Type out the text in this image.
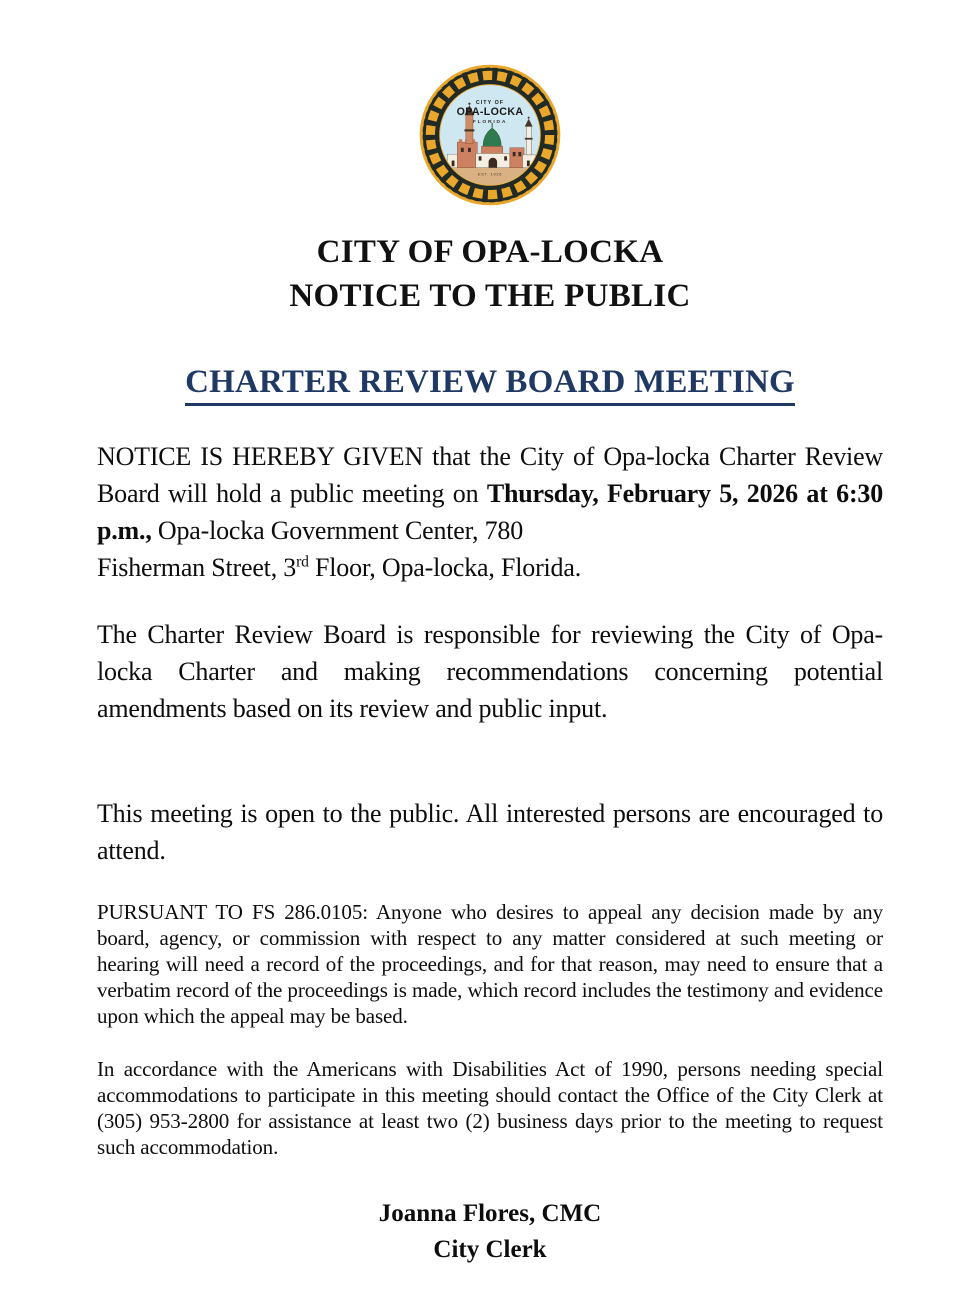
CITY OF
OPA-LOCKA
FLORIDA
EST. 1926
CITY OF OPA-LOCKA
NOTICE TO THE PUBLIC
CHARTER REVIEW BOARD MEETING

NOTICE IS HEREBY GIVEN that the City of Opa-locka Charter Review Board will hold a public meeting on Thursday, February 5, 2026 at 6:30 p.m., Opa-locka Government Center, 780
Fisherman Street, 3rd Floor, Opa-locka, Florida.

The Charter Review Board is responsible for reviewing the City of Opa-locka Charter and making recommendations concerning potential amendments based on its review and public input.

This meeting is open to the public. All interested persons are encouraged to attend.

PURSUANT TO FS 286.0105: Anyone who desires to appeal any decision made by any board, agency, or commission with respect to any matter considered at such meeting or hearing will need a record of the proceedings, and for that reason, may need to ensure that a verbatim record of the proceedings is made, which record includes the testimony and evidence upon which the appeal may be based.

In accordance with the Americans with Disabilities Act of 1990, persons needing special accommodations to participate in this meeting should contact the Office of the City Clerk at (305) 953-2800 for assistance at least two (2) business days prior to the meeting to request such accommodation.

Joanna Flores, CMC
City Clerk
